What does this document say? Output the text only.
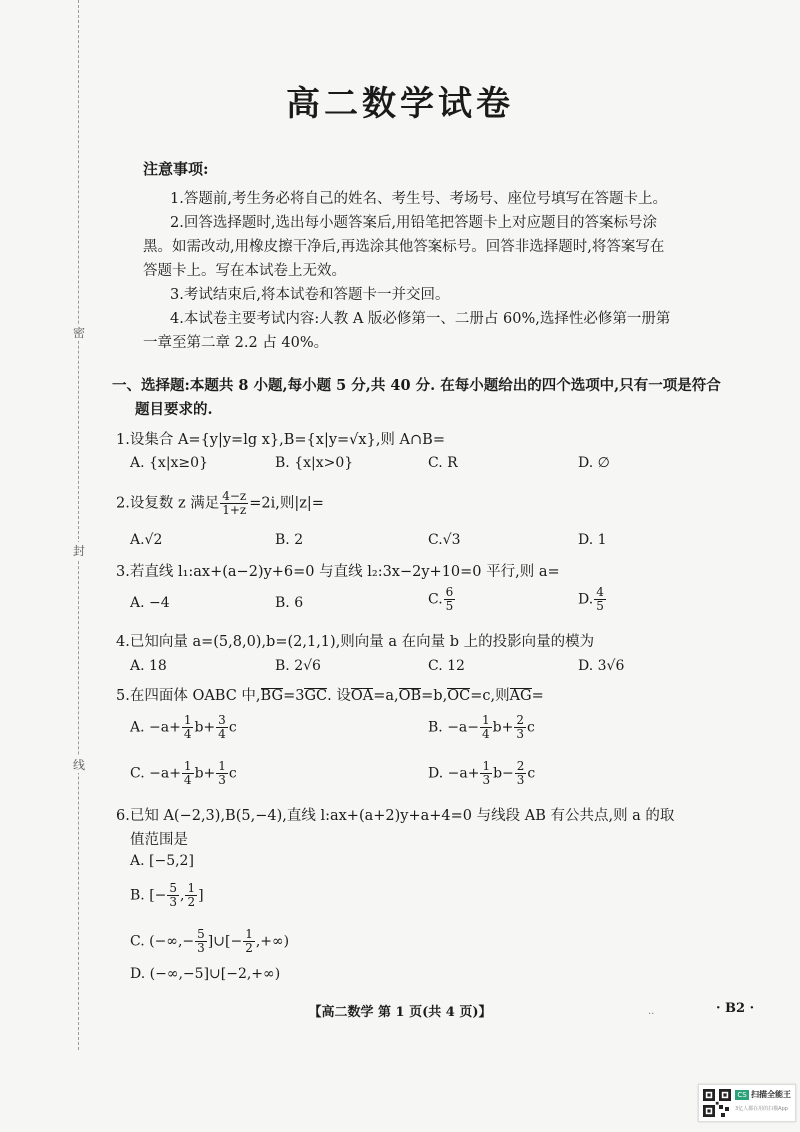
密
封
线
高二数学试卷
注意事项:
1.答题前,考生务必将自己的姓名、考生号、考场号、座位号填写在答题卡上。
2.回答选择题时,选出每小题答案后,用铅笔把答题卡上对应题目的答案标号涂
黑。如需改动,用橡皮擦干净后,再选涂其他答案标号。回答非选择题时,将答案写在
答题卡上。写在本试卷上无效。
3.考试结束后,将本试卷和答题卡一并交回。
4.本试卷主要考试内容:人教 A 版必修第一、二册占 60%,选择性必修第一册第
一章至第二章 2.2 占 40%。
一、选择题:本题共 8 小题,每小题 5 分,共 40 分. 在每小题给出的四个选项中,只有一项是符合
题目要求的.
1.设集合 A={y|y=lg x},B={x|y=√x},则 A∩B=
A. {x|x≥0}	B. {x|x>0}	C. R	D. ∅
2.设复数 z 满足 $\frac{4-z}{1+z} =2i$,则|z|=
A.√2	B. 2	C.√3	D. 1
3.若直线 l₁:ax+(a−2)y+6=0 与直线 l₂:3x−2y+10=0 平行,则 a=
A. −4	B. 6	C. $\frac{6}{5}$	D. $\frac{4}{5}$
4.已知向量 a=(5,8,0),b=(2,1,1),则向量 a 在向量 b 上的投影向量的模为
A. 18	B. 2√6	C. 12	D. 3√6
5.在四面体 OABC 中,BG=3GC. 设OA=a,OB=b,OC=c,则AG=
A. $-a+ \frac{1}{4} b+ \frac{3}{4}$ c	B. $-a- \frac{1}{4} b+ \frac{2}{3}$ c
C. $-a+ \frac{1}{4} b+ \frac{1}{3}$ c	D. $-a+ \frac{1}{3} b- \frac{2}{3}$ c
6.已知 A(−2,3),B(5,−4),直线 l:ax+(a+2)y+a+4=0 与线段 AB 有公共点,则 a 的取
值范围是
A. [−5,2]
B. [− $\frac{5}{3}$ , $\frac{1}{2}$ ]
C. (−∞,− $\frac{5}{3}$ ]∪[− $\frac{1}{2}$ ,+∞)
D. (−∞,−5]∪[−2,+∞)
【高二数学 第 1 页(共 4 页)】	..	· B2 ·
CS 扫描全能王
3亿人都在用的扫描App
